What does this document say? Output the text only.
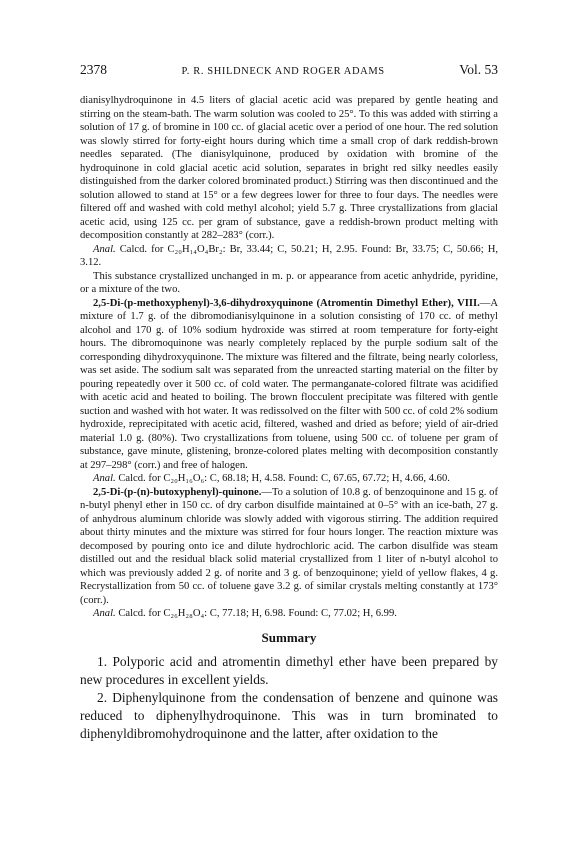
2378	P. R. SHILDNECK AND ROGER ADAMS	Vol. 53

dianisylhydroquinone in 4.5 liters of glacial acetic acid was prepared by gentle heating and stirring on the steam-bath. The warm solution was cooled to 25°. To this was added with stirring a solution of 17 g. of bromine in 100 cc. of glacial acetic over a period of one hour. The red solution was slowly stirred for forty-eight hours during which time a small crop of dark reddish-brown needles separated. (The dianisylquinone, produced by oxidation with bromine of the hydroquinone in cold glacial acetic acid solution, separates in bright red silky needles easily distinguished from the darker colored brominated product.) Stirring was then discontinued and the solution allowed to stand at 15° or a few degrees lower for three to four days. The needles were filtered off and washed with cold methyl alcohol; yield 5.7 g. Three crystallizations from glacial acetic acid, using 125 cc. per gram of substance, gave a reddish-brown product melting with decomposition constantly at 282–283° (corr.).

Anal. Calcd. for C₂₀H₁₄O₄Br₂: Br, 33.44; C, 50.21; H, 2.95. Found: Br, 33.75; C, 50.66; H, 3.12.

This substance crystallized unchanged in m. p. or appearance from acetic anhydride, pyridine, or a mixture of the two.

2,5-Di-(p-methoxyphenyl)-3,6-dihydroxyquinone (Atromentin Dimethyl Ether), VIII.—A mixture of 1.7 g. of the dibromodianisylquinone in a solution consisting of 170 cc. of methyl alcohol and 170 g. of 10% sodium hydroxide was stirred at room temperature for forty-eight hours. The dibromoquinone was nearly completely replaced by the purple sodium salt of the corresponding dihydroxyquinone. The mixture was filtered and the filtrate, being nearly colorless, was set aside. The sodium salt was separated from the unreacted starting material on the filter by pouring repeatedly over it 500 cc. of cold water. The permanganate-colored filtrate was acidified with acetic acid and heated to boiling. The brown flocculent precipitate was filtered with gentle suction and washed with hot water. It was redissolved on the filter with 500 cc. of cold 2% sodium hydroxide, reprecipitated with acetic acid, filtered, washed and dried as before; yield of air-dried material 1.0 g. (80%). Two crystallizations from toluene, using 500 cc. of toluene per gram of substance, gave minute, glistening, bronze-colored plates melting with decomposition constantly at 297–298° (corr.) and free of halogen.

Anal. Calcd. for C₂₀H₁₆O₆: C, 68.18; H, 4.58. Found: C, 67.65, 67.72; H, 4.66, 4.60.

2,5-Di-(p-(n)-butoxyphenyl)-quinone.—To a solution of 10.8 g. of benzoquinone and 15 g. of n-butyl phenyl ether in 150 cc. of dry carbon disulfide maintained at 0–5° with an ice-bath, 27 g. of anhydrous aluminum chloride was slowly added with vigorous stirring. The addition required about thirty minutes and the mixture was stirred for four hours longer. The reaction mixture was decomposed by pouring onto ice and dilute hydrochloric acid. The carbon disulfide was steam distilled out and the residual black solid material crystallized from 1 liter of n-butyl alcohol to which was previously added 2 g. of norite and 3 g. of benzoquinone; yield of yellow flakes, 4 g. Recrystallization from 50 cc. of toluene gave 3.2 g. of similar crystals melting constantly at 173° (corr.).

Anal. Calcd. for C₂₆H₂₈O₄: C, 77.18; H, 6.98. Found: C, 77.02; H, 6.99.

Summary

1. Polyporic acid and atromentin dimethyl ether have been prepared by new procedures in excellent yields.

2. Diphenylquinone from the condensation of benzene and quinone was reduced to diphenylhydroquinone. This was in turn brominated to diphenyldibromohydroquinone and the latter, after oxidation to the
